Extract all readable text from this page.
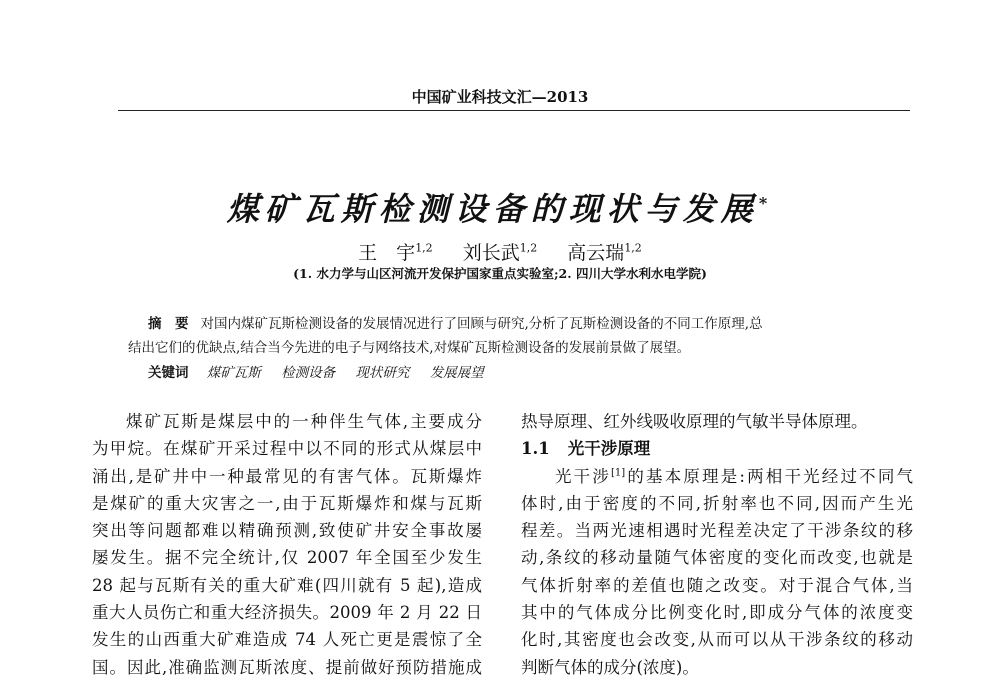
中国矿业科技文汇—2013
煤矿瓦斯检测设备的现状与发展*
王　宇$^{1,2}$ 刘长武$^{1,2}$ 高云瑞$^{1,2}$
(1. 水力学与山区河流开发保护国家重点实验室;2. 四川大学水利水电学院)
摘　要 对国内煤矿瓦斯检测设备的发展情况进行了回顾与研究,分析了瓦斯检测设备的不同工作原理,总
结出它们的优缺点,结合当今先进的电子与网络技术,对煤矿瓦斯检测设备的发展前景做了展望。
关键词 煤矿瓦斯 检测设备 现状研究 发展展望
煤矿瓦斯是煤层中的一种伴生气体,主要成分
为甲烷。在煤矿开采过程中以不同的形式从煤层中
涌出,是矿井中一种最常见的有害气体。瓦斯爆炸
是煤矿的重大灾害之一,由于瓦斯爆炸和煤与瓦斯
突出等问题都难以精确预测,致使矿井安全事故屡
屡发生。据不完全统计,仅 2007 年全国至少发生
28 起与瓦斯有关的重大矿难(四川就有 5 起),造成
重大人员伤亡和重大经济损失。2009 年 2 月 22 日
发生的山西重大矿难造成 74 人死亡更是震惊了全
国。因此,准确监测瓦斯浓度、提前做好预防措施成
热导原理、红外线吸收原理的气敏半导体原理。
1.1 光干涉原理
光干涉[1]的基本原理是:两相干光经过不同气
体时,由于密度的不同,折射率也不同,因而产生光
程差。当两光速相遇时光程差决定了干涉条纹的移
动,条纹的移动量随气体密度的变化而改变,也就是
气体折射率的差值也随之改变。对于混合气体,当
其中的气体成分比例变化时,即成分气体的浓度变
化时,其密度也会改变,从而可以从干涉条纹的移动
判断气体的成分(浓度)。
